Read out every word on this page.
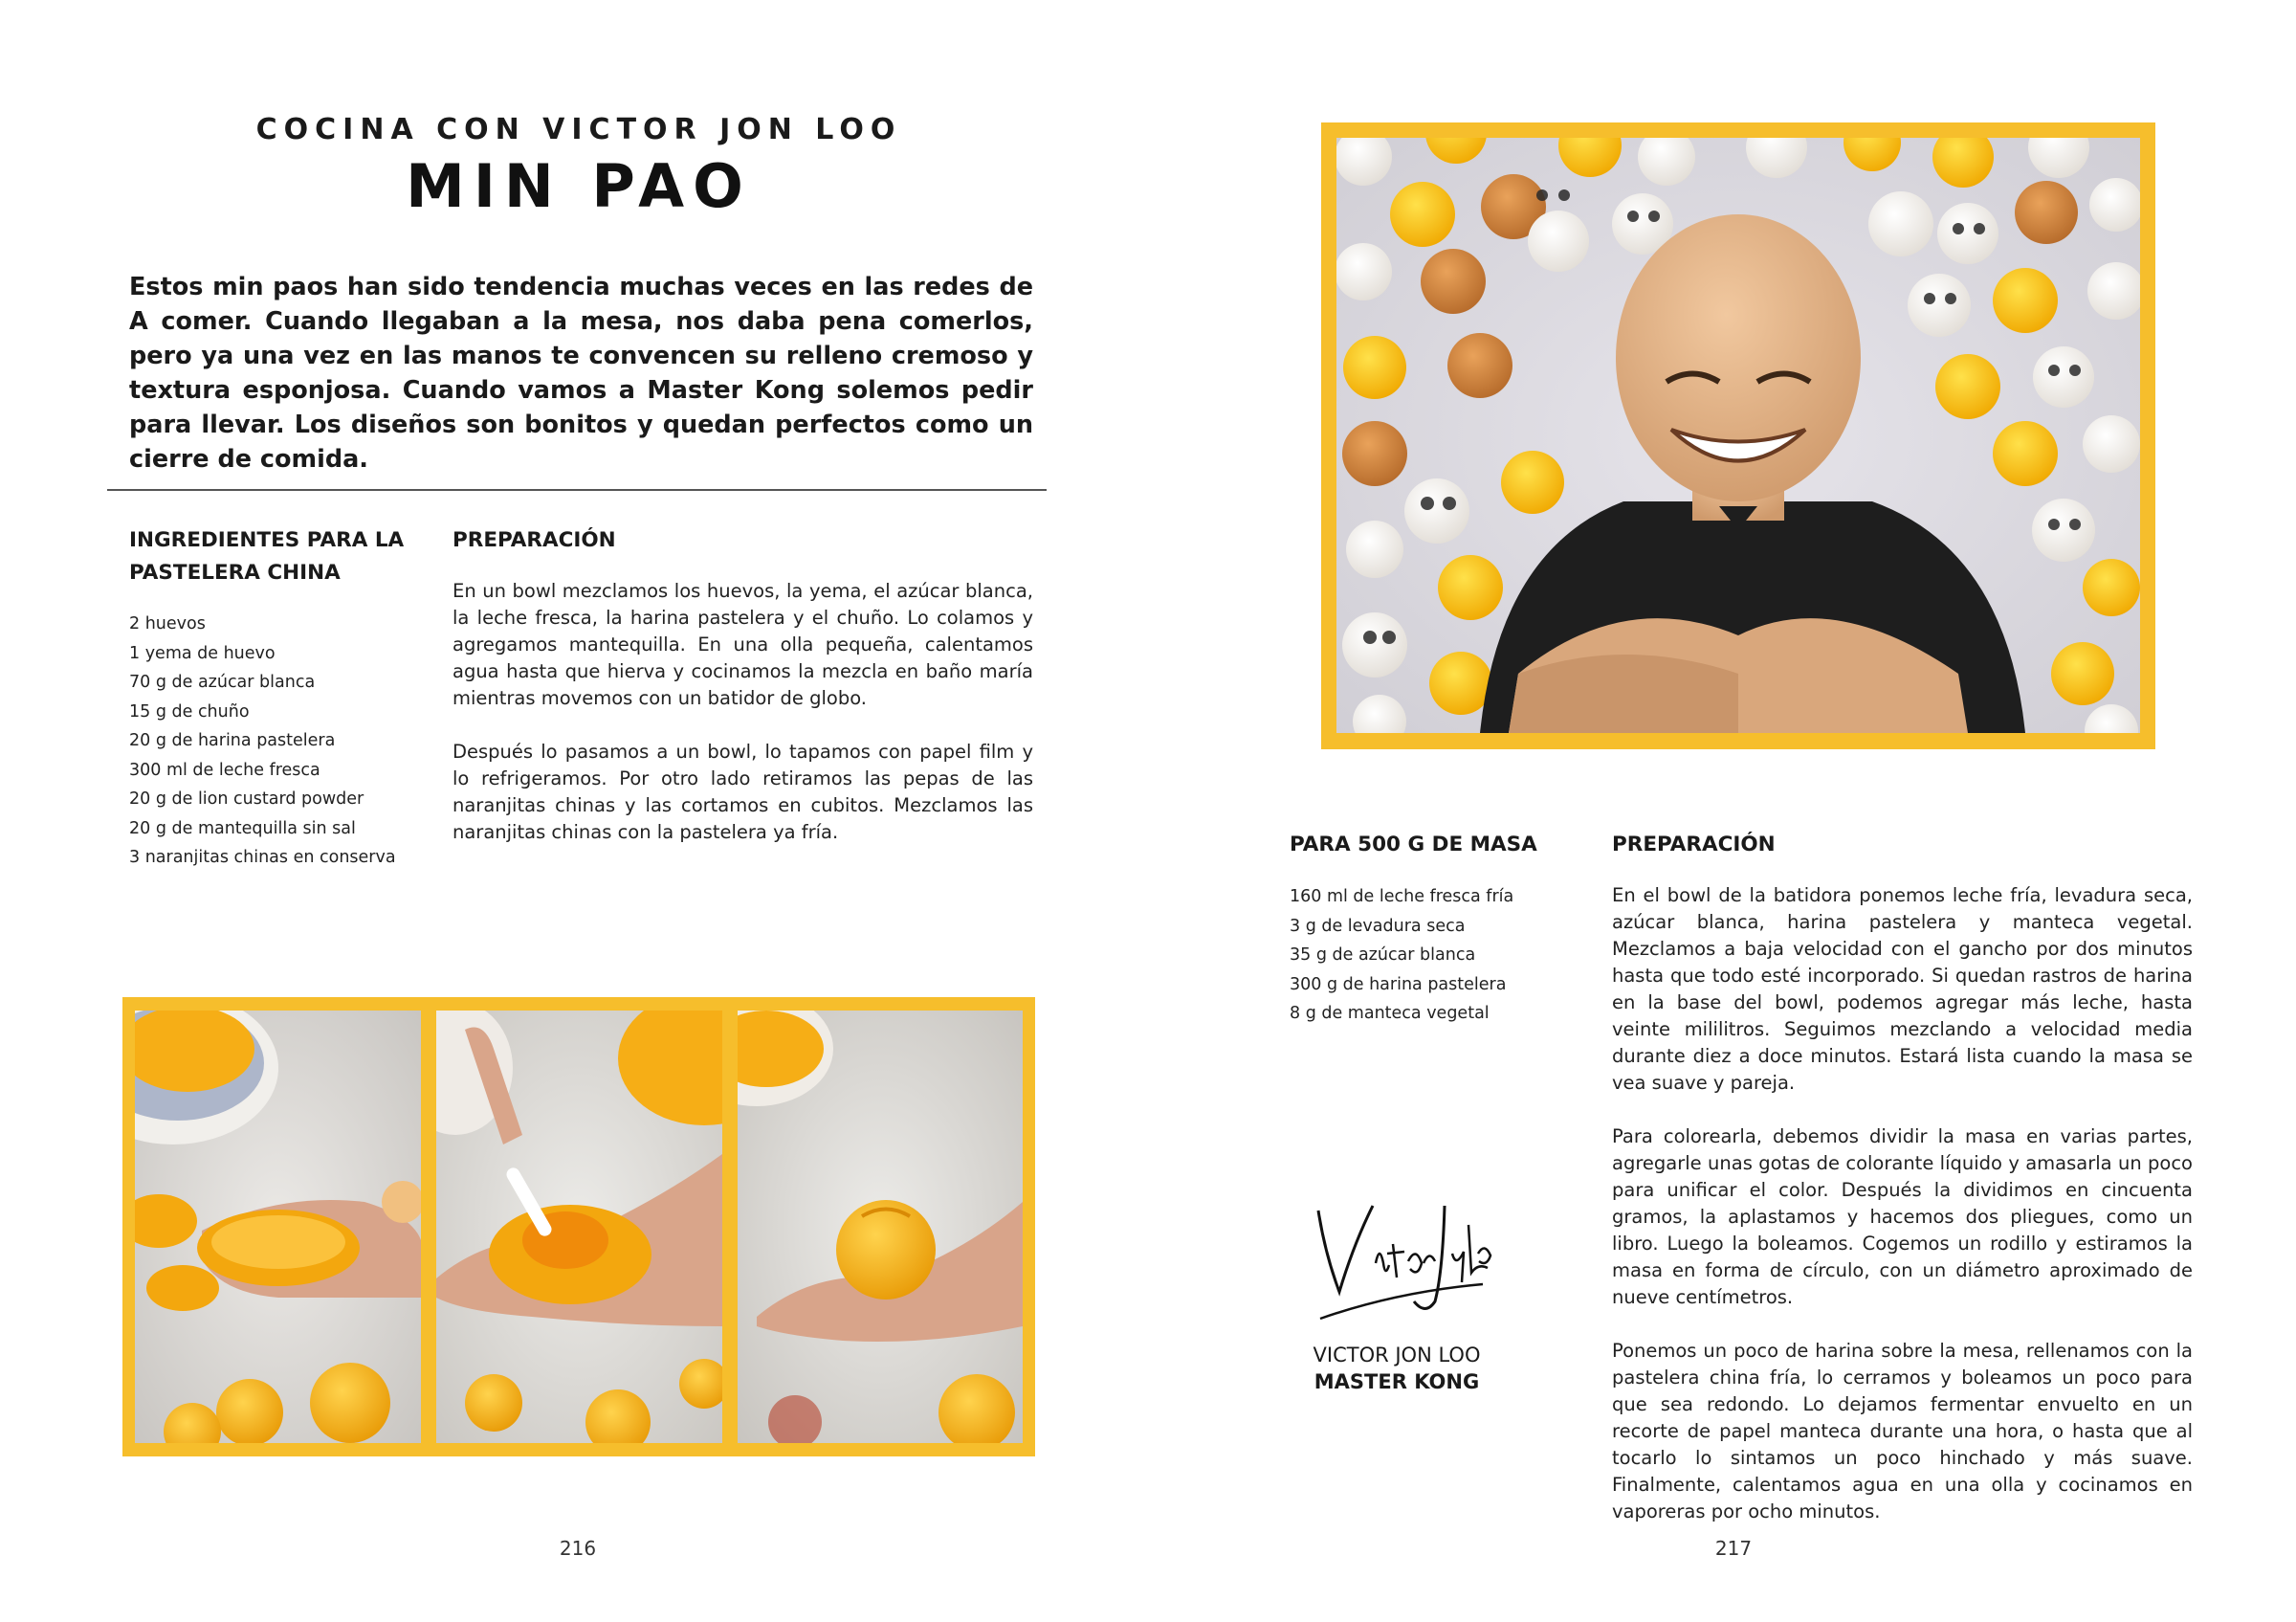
COCINA CON VICTOR JON LOO
MIN PAO
Estos min paos han sido tendencia muchas veces en las redes de A comer. Cuando llegaban a la mesa, nos daba pena comerlos, pero ya una vez en las manos te convencen su relleno cremoso y textura esponjosa. Cuando vamos a Master Kong solemos pedir para llevar. Los diseños son bonitos y quedan perfectos como un cierre de comida.
INGREDIENTES PARA LA
PASTELERA CHINA
2 huevos
1 yema de huevo
70 g de azúcar blanca
15 g de chuño
20 g de harina pastelera
300 ml de leche fresca
20 g de lion custard powder
20 g de mantequilla sin sal
3 naranjitas chinas en conserva
PREPARACIÓN

En un bowl mezclamos los huevos, la yema, el azúcar blanca, la leche fresca, la harina pastelera y el chuño. Lo colamos y agregamos mantequilla. En una olla pequeña, calentamos agua hasta que hierva y cocinamos la mezcla en baño maría mientras movemos con un batidor de globo.

Después lo pasamos a un bowl, lo tapamos con papel film y lo refrigeramos. Por otro lado retiramos las pepas de las naranjitas chinas y las cortamos en cubitos. Mezclamos las naranjitas chinas con la pastelera ya fría.

216
PARA 500 G DE MASA
160 ml de leche fresca fría
3 g de levadura seca
35 g de azúcar blanca
300 g de harina pastelera
8 g de manteca vegetal
PREPARACIÓN

En el bowl de la batidora ponemos leche fría, levadura seca, azúcar blanca, harina pastelera y manteca vegetal. Mezclamos a baja velocidad con el gancho por dos minutos hasta que todo esté incorporado. Si quedan rastros de harina en la base del bowl, podemos agregar más leche, hasta veinte mililitros. Seguimos mezclando a velocidad media durante diez a doce minutos. Estará lista cuando la masa se vea suave y pareja.

Para colorearla, debemos dividir la masa en varias partes, agregarle unas gotas de colorante líquido y amasarla un poco para unificar el color. Después la dividimos en cincuenta gramos, la aplastamos y hacemos dos pliegues, como un libro. Luego la boleamos. Cogemos un rodillo y estiramos la masa en forma de círculo, con un diámetro aproximado de nueve centímetros.

Ponemos un poco de harina sobre la mesa, rellenamos con la pastelera china fría, lo cerramos y boleamos un poco para que sea redondo. Lo dejamos fermentar envuelto en un recorte de papel manteca durante una hora, o hasta que al tocarlo lo sintamos un poco hinchado y más suave. Finalmente, calentamos agua en una olla y cocinamos en vaporeras por ocho minutos.

VICTOR JON LOO
MASTER KONG
217
